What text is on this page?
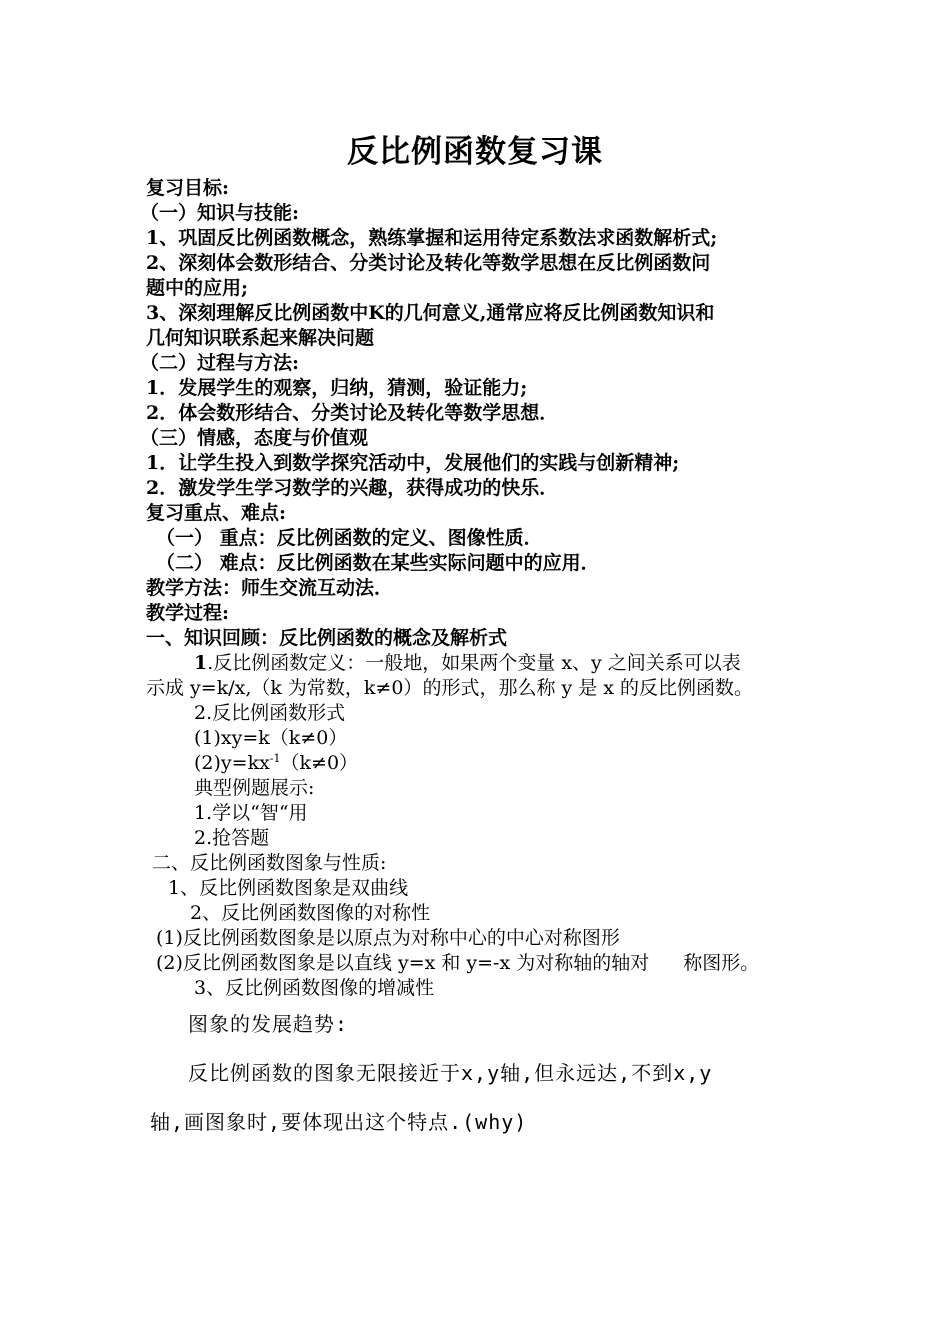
反比例函数复习课
复习目标:
（一）知识与技能:
1、巩固反比例函数概念，熟练掌握和运用待定系数法求函数解析式;
2、深刻体会数形结合、分类讨论及转化等数学思想在反比例函数问
题中的应用;
3、深刻理解反比例函数中K的几何意义,通常应将反比例函数知识和
几何知识联系起来解决问题
（二）过程与方法:
1．发展学生的观察，归纳，猜测，验证能力;
2．体会数形结合、分类讨论及转化等数学思想．
（三）情感，态度与价值观
1．让学生投入到数学探究活动中，发展他们的实践与创新精神;
2．激发学生学习数学的兴趣，获得成功的快乐．
复习重点、难点:
（一） 重点：反比例函数的定义、图像性质．
（二） 难点：反比例函数在某些实际问题中的应用．
教学方法：师生交流互动法．
教学过程:
一、知识回顾：反比例函数的概念及解析式
1.反比例函数定义：一般地，如果两个变量 x、y 之间关系可以表
示成 y=k/x,（k 为常数，k≠0）的形式，那么称 y 是 x 的反比例函数。
2.反比例函数形式
(1)xy=k（k≠0）
$(2)y=kx^{-1}(k\ne 0)$
典型例题展示:
1.学以“智“用
2.抢答题
二、反比例函数图象与性质:
1、反比例函数图象是双曲线
2、反比例函数图像的对称性
(1)反比例函数图象是以原点为对称中心的中心对称图形
(2)反比例函数图象是以直线 y=x 和 y=-x 为对称轴的轴对 称图形。
3、反比例函数图像的增减性
图象的发展趋势:
反比例函数的图象无限接近于x,y轴,但永远达,不到x,y
轴,画图象时,要体现出这个特点.(why)
